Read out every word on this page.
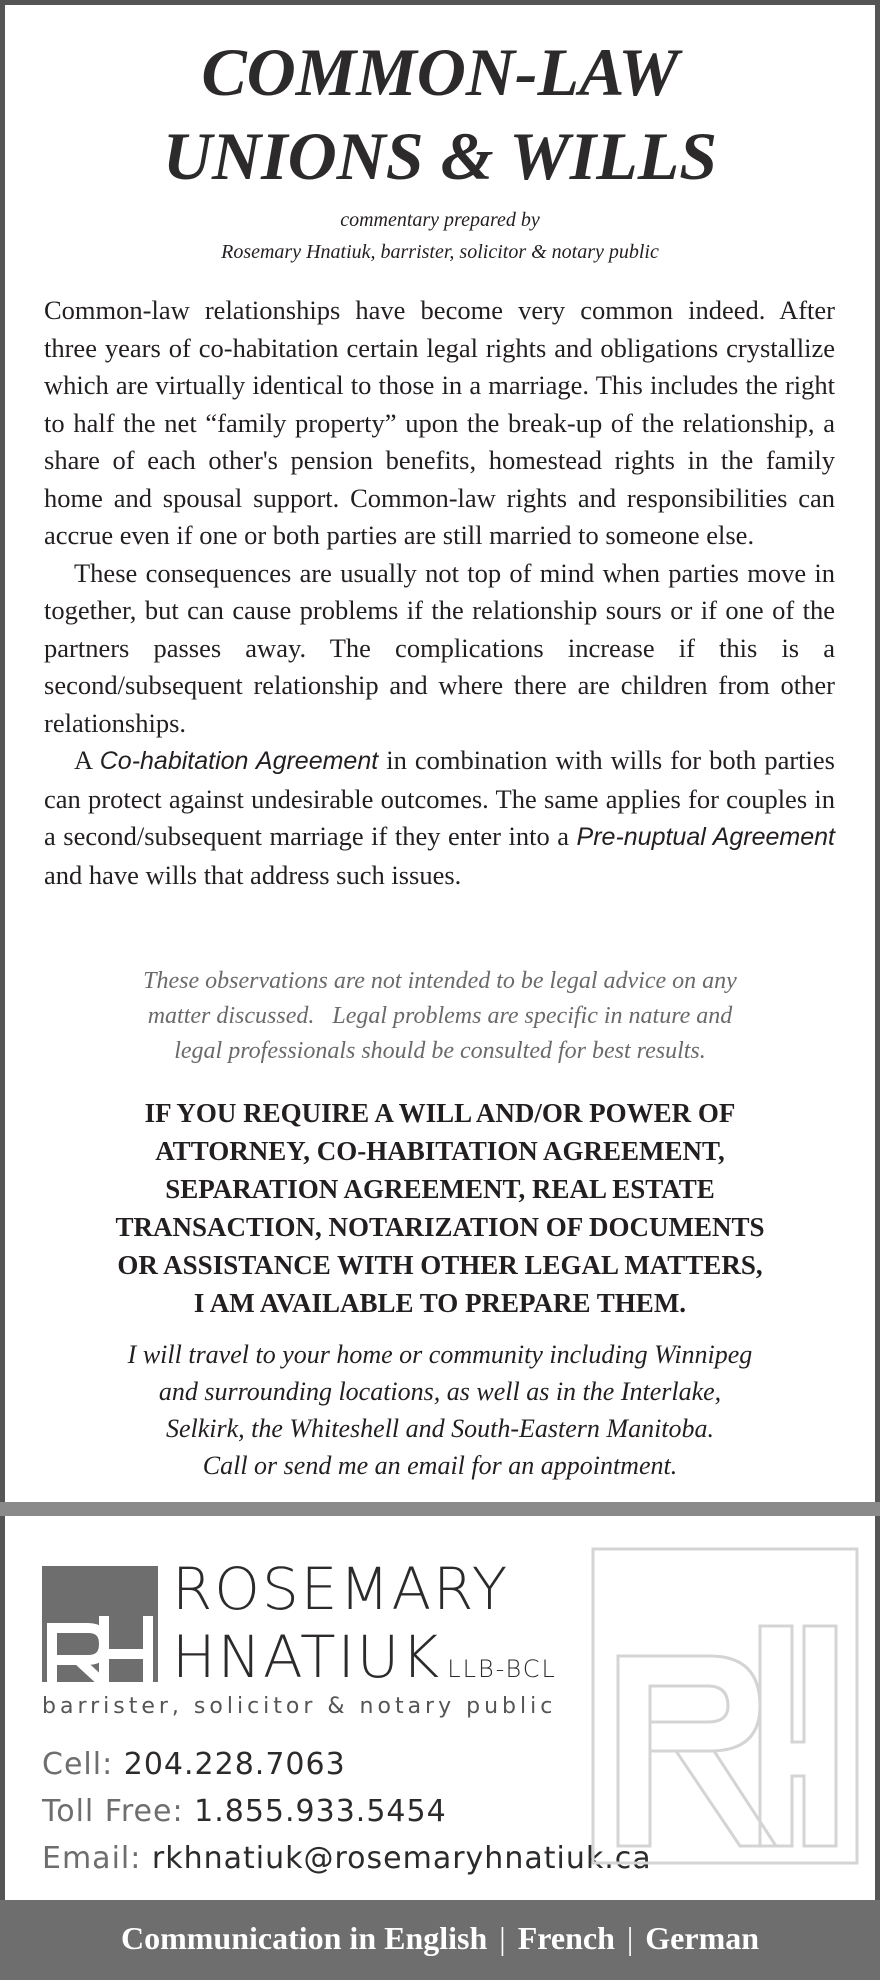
COMMON-LAW
UNIONS & WILLS
commentary prepared by
Rosemary Hnatiuk, barrister, solicitor & notary public

Common-law relationships have become very common indeed. After three years of co-habitation certain legal rights and obligations crystallize which are virtually identical to those in a marriage. This includes the right to half the net “family property” upon the break-up of the relationship, a share of each other's pension benefits, homestead rights in the family home and spousal support. Common-law rights and responsibilities can accrue even if one or both parties are still married to someone else.

These consequences are usually not top of mind when parties move in together, but can cause problems if the relationship sours or if one of the partners passes away. The complications increase if this is a second/subsequent relationship and where there are children from other relationships.

A Co-habitation Agreement in combination with wills for both parties can protect against undesirable outcomes. The same applies for couples in a second/subsequent marriage if they enter into a Pre-nuptual Agreement and have wills that address such issues.

These observations are not intended to be legal advice on any
matter discussed.   Legal problems are specific in nature and
legal professionals should be consulted for best results.
IF YOU REQUIRE A WILL AND/OR POWER OF
ATTORNEY, CO-HABITATION AGREEMENT,
SEPARATION AGREEMENT, REAL ESTATE
TRANSACTION, NOTARIZATION OF DOCUMENTS
OR ASSISTANCE WITH OTHER LEGAL MATTERS,
I AM AVAILABLE TO PREPARE THEM.
I will travel to your home or community including Winnipeg
and surrounding locations, as well as in the Interlake,
Selkirk, the Whiteshell and South-Eastern Manitoba.
Call or send me an email for an appointment.
ROSEMARY
HNATIUK LLB-BCL
barrister, solicitor & notary public
Cell: 204.228.7063
Toll Free: 1.855.933.5454
Email: rkhnatiuk@rosemaryhnatiuk.ca
Communication in English | French | German
